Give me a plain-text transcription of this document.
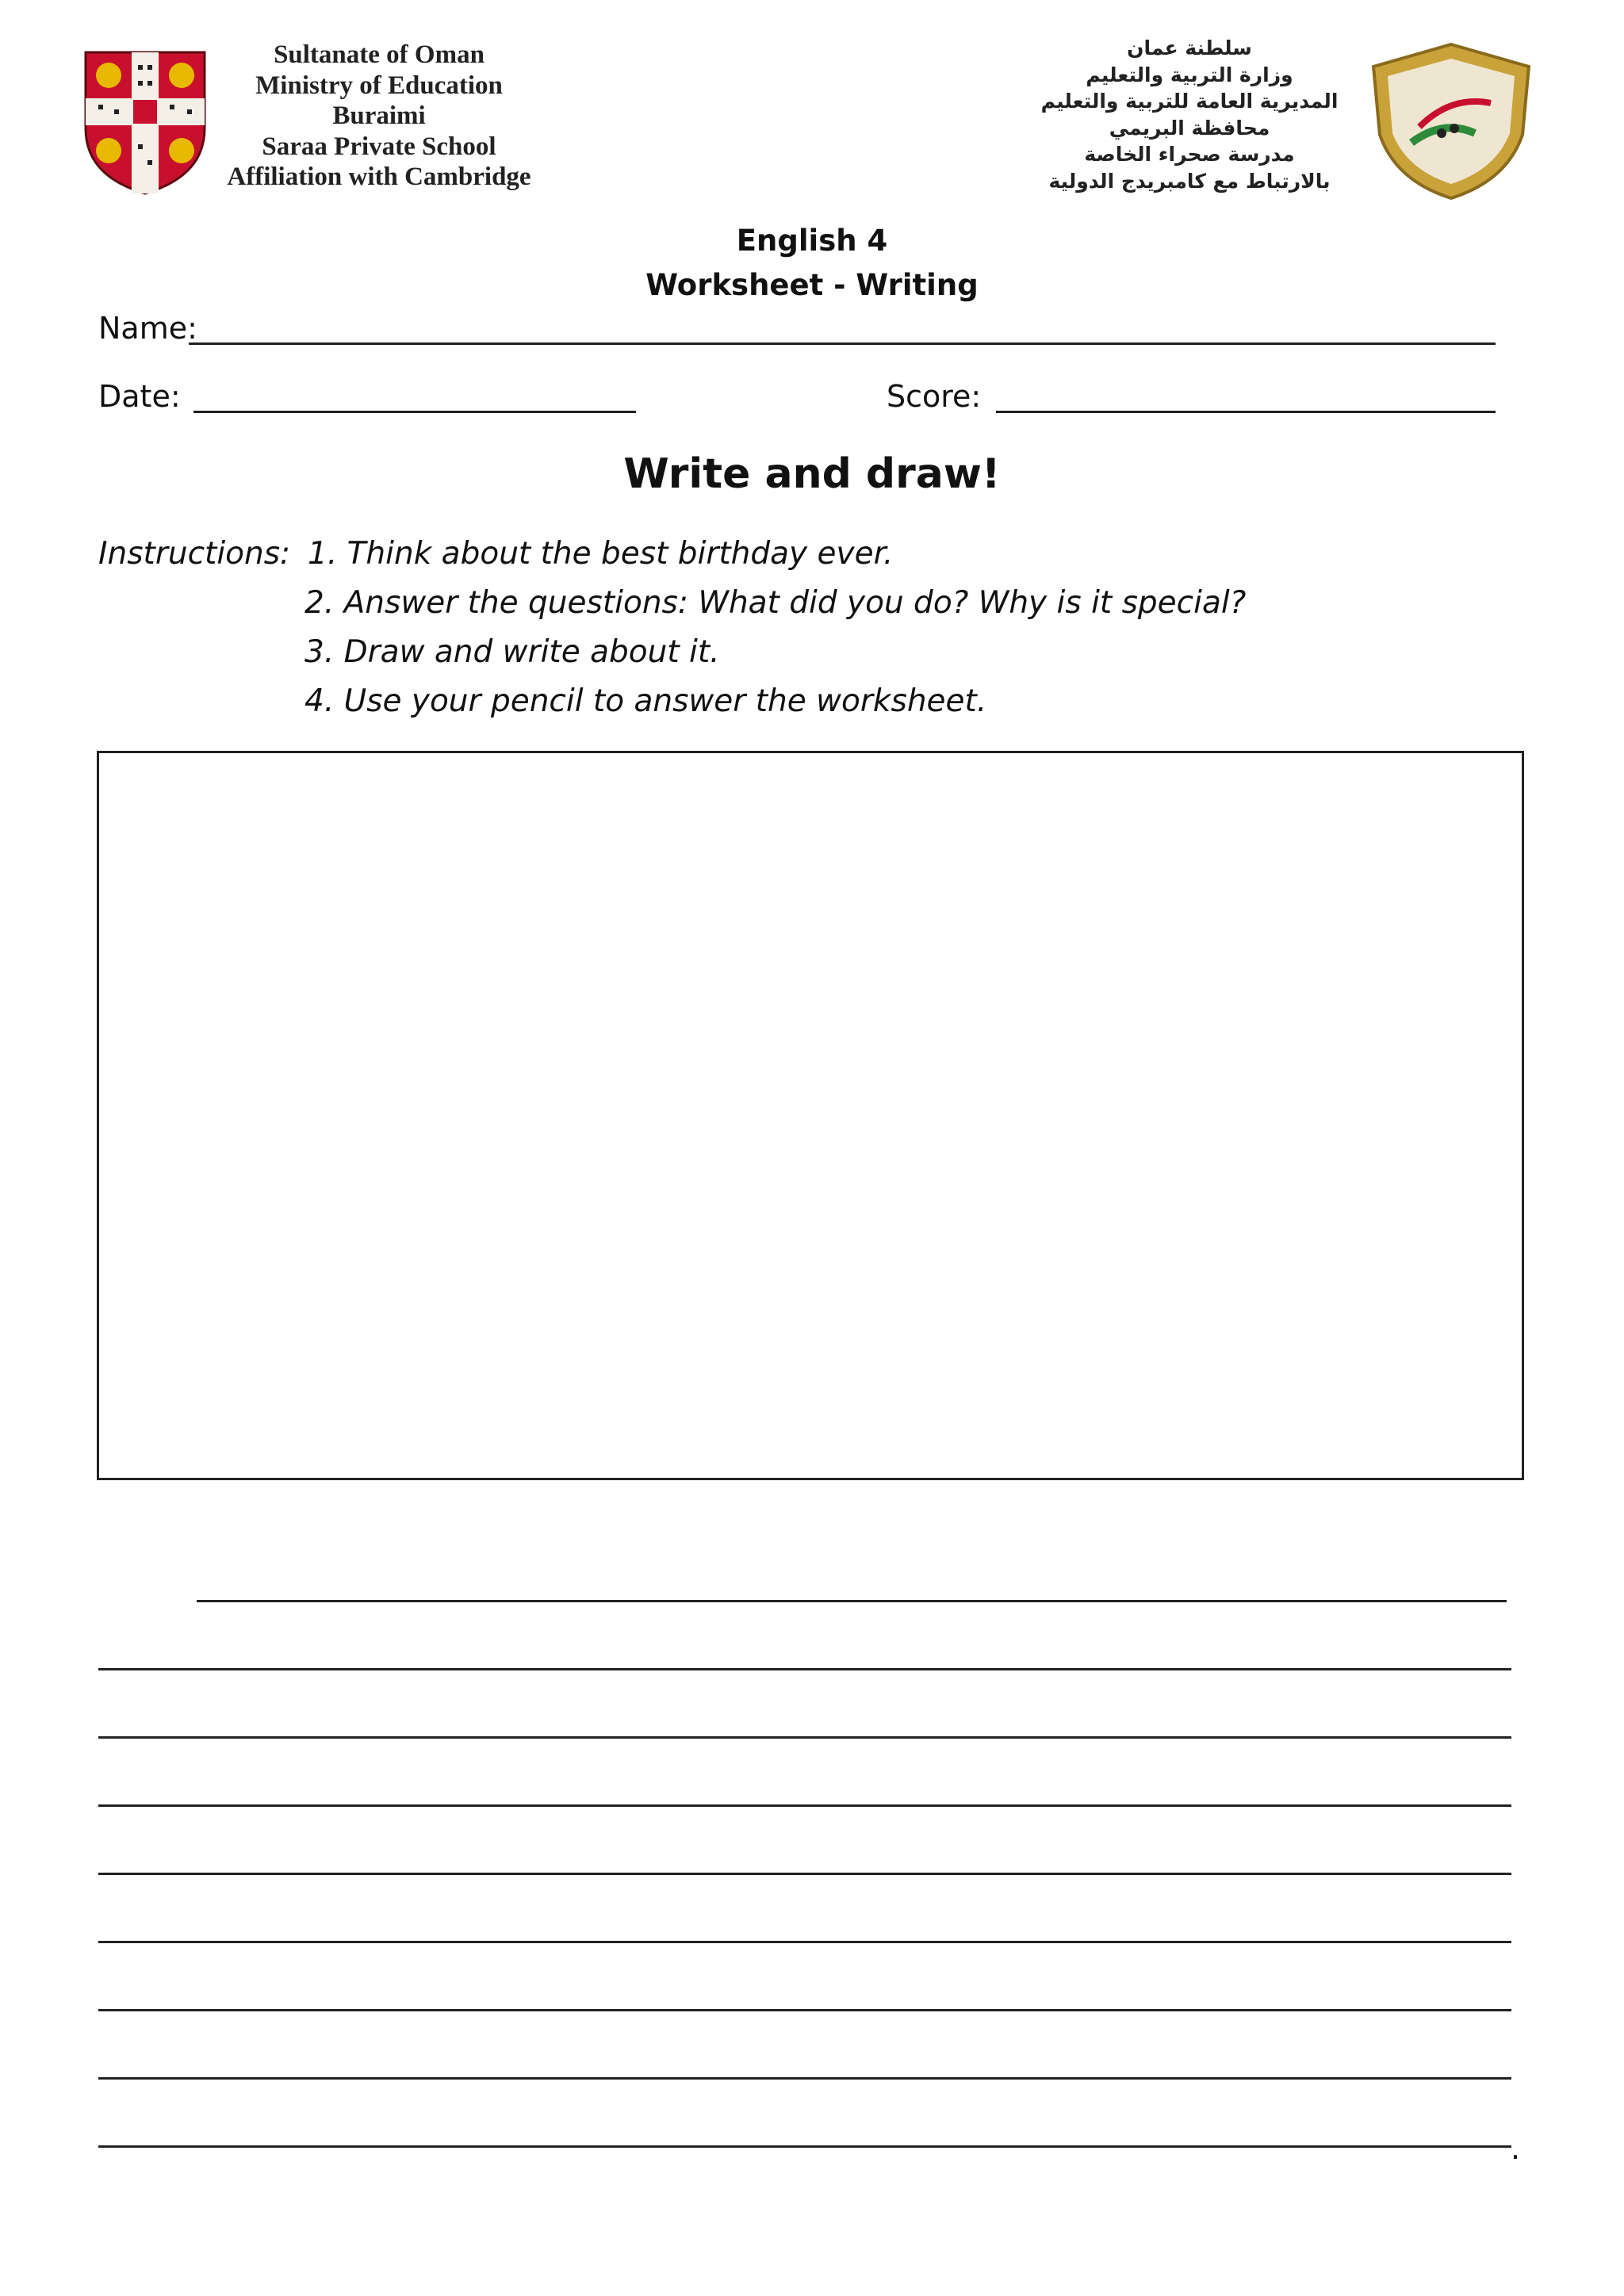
Sultanate of Oman
Ministry of Education
Buraimi
Saraa Private School
Affiliation with Cambridge
سلطنة عمان
وزارة التربية والتعليم
المديرية العامة للتربية والتعليم
محافظة البريمي
مدرسة صحراء الخاصة
بالارتباط مع كامبريدج الدولية
English 4
Worksheet - Writing
Name:
Date:	Score:
Write and draw!
Instructions: 1. Think about the best birthday ever.
2. Answer the questions: What did you do? Why is it special?
3. Draw and write about it.
4. Use your pencil to answer the worksheet.
.
